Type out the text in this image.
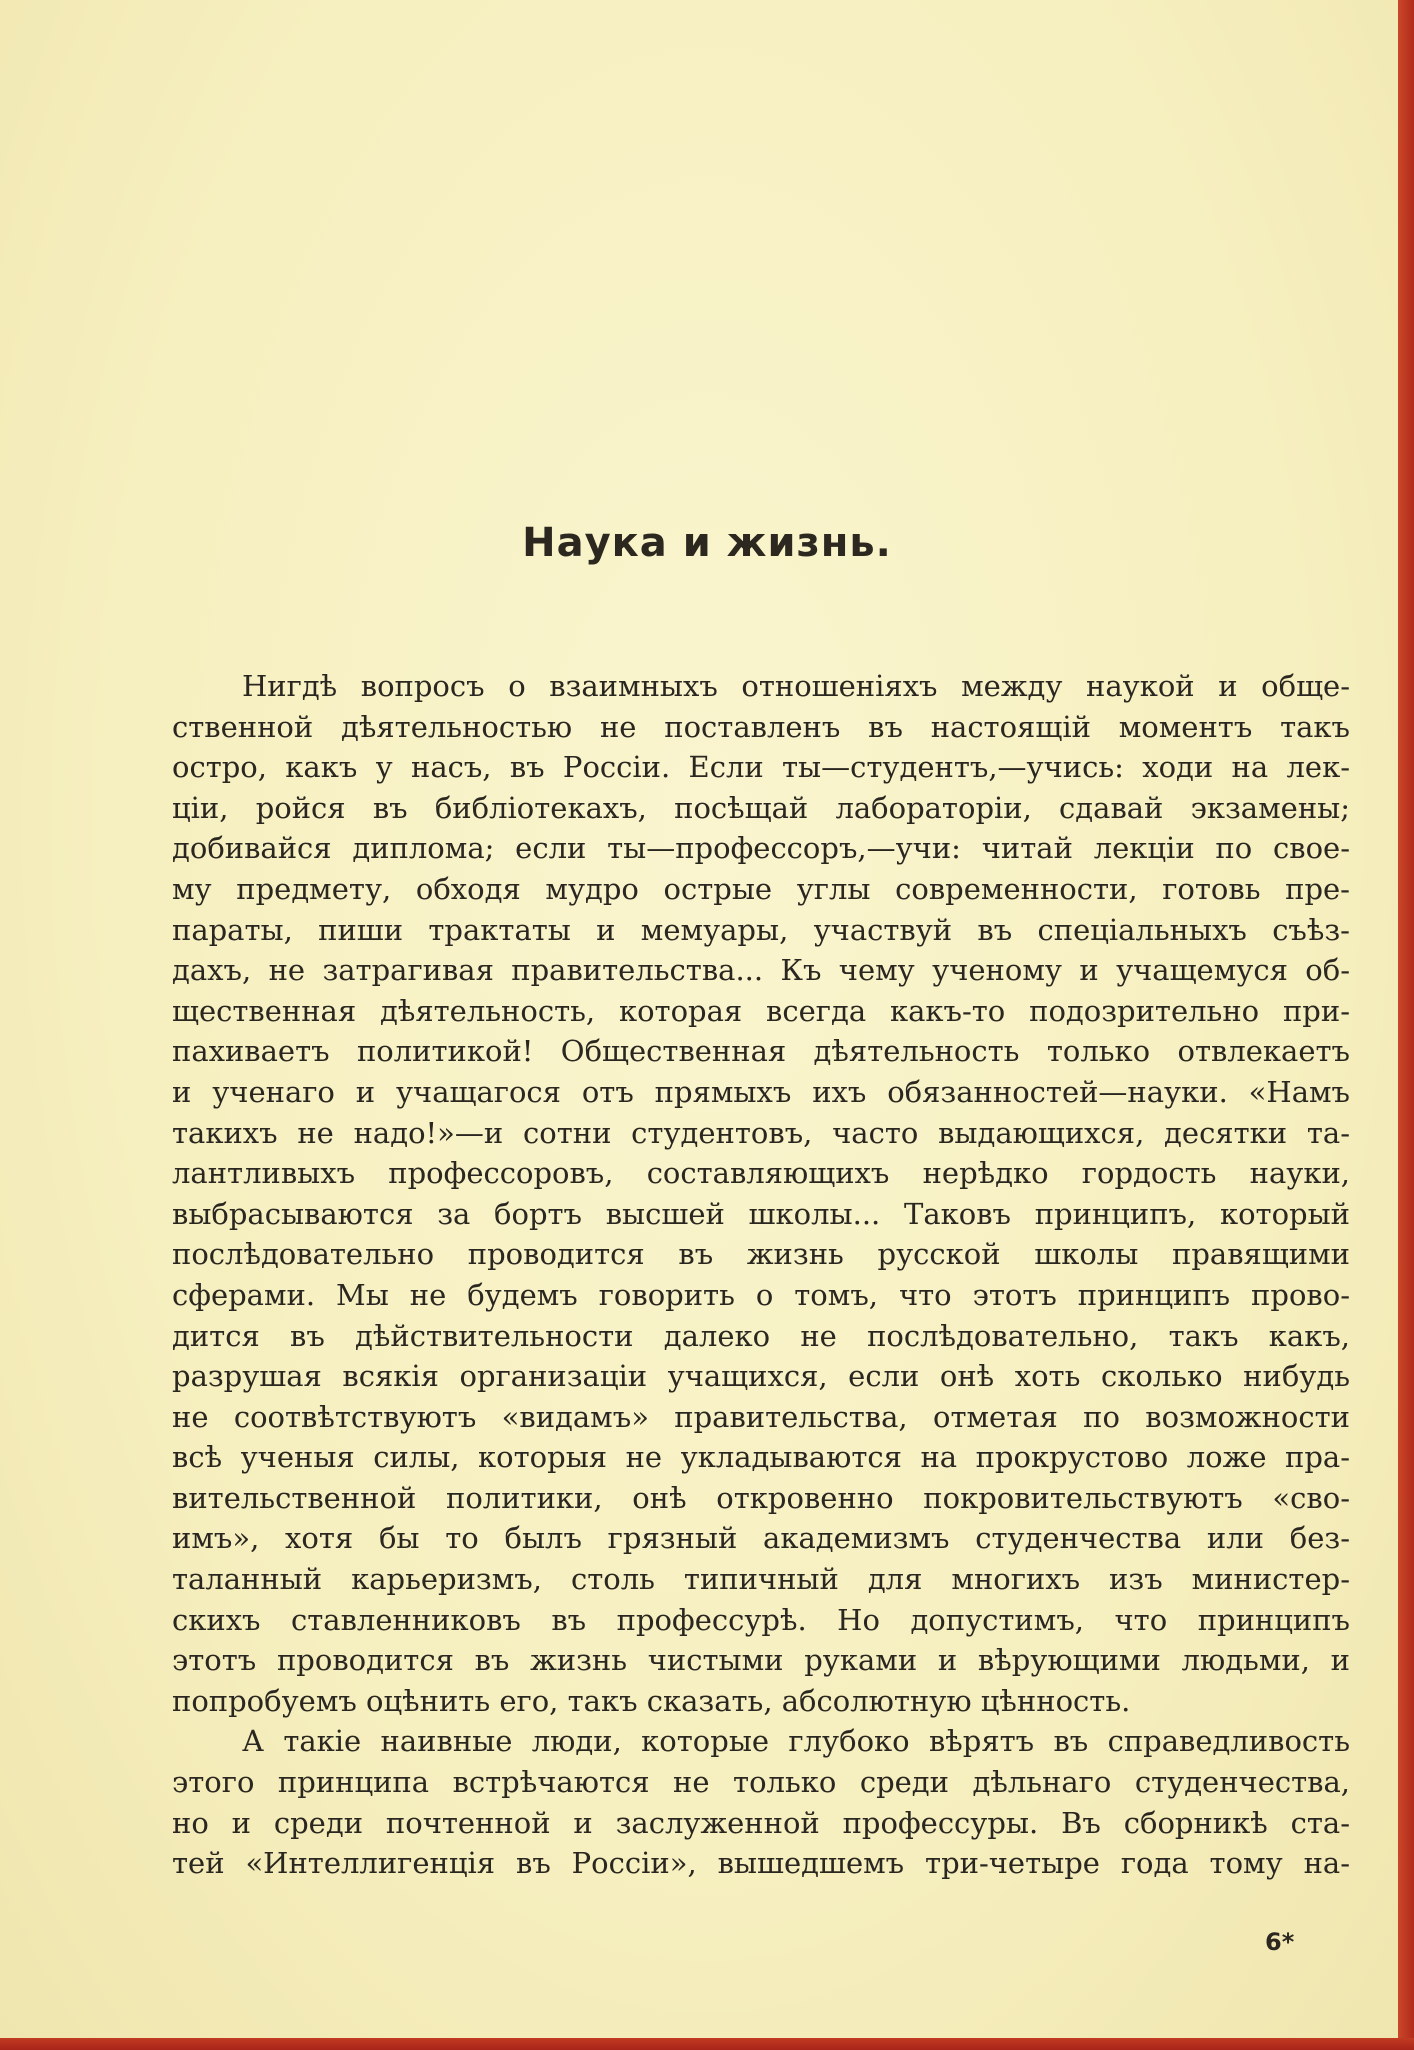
Наука и жизнь.
Нигдѣ вопросъ о взаимныхъ отношеніяхъ между наукой и обще-
ственной дѣятельностью не поставленъ въ настоящій моментъ такъ
остро, какъ у насъ, въ Россіи. Если ты—студентъ,—учись: ходи на лек-
ціи, ройся въ библіотекахъ, посѣщай лабораторіи, сдавай экзамены;
добивайся диплома; если ты—профессоръ,—учи: читай лекціи по свое-
му предмету, обходя мудро острые углы современности, готовь пре-
параты, пиши трактаты и мемуары, участвуй въ спеціальныхъ съѣз-
дахъ, не затрагивая правительства... Къ чему ученому и учащемуся об-
щественная дѣятельность, которая всегда какъ-то подозрительно при-
пахиваетъ политикой! Общественная дѣятельность только отвлекаетъ
и ученаго и учащагося отъ прямыхъ ихъ обязанностей—науки. «Намъ
такихъ не надо!»—и сотни студентовъ, часто выдающихся, десятки та-
лантливыхъ профессоровъ, составляющихъ нерѣдко гордость науки,
выбрасываются за бортъ высшей школы... Таковъ принципъ, который
послѣдовательно проводится въ жизнь русской школы правящими
сферами. Мы не будемъ говорить о томъ, что этотъ принципъ прово-
дится въ дѣйствительности далеко не послѣдовательно, такъ какъ,
разрушая всякія организаціи учащихся, если онѣ хоть сколько нибудь
не соотвѣтствуютъ «видамъ» правительства, отметая по возможности
всѣ ученыя силы, которыя не укладываются на прокрустово ложе пра-
вительственной политики, онѣ откровенно покровительствуютъ «сво-
имъ», хотя бы то былъ грязный академизмъ студенчества или без-
таланный карьеризмъ, столь типичный для многихъ изъ министер-
скихъ ставленниковъ въ профессурѣ. Но допустимъ, что принципъ
этотъ проводится въ жизнь чистыми руками и вѣрующими людьми, и
попробуемъ оцѣнить его, такъ сказать, абсолютную цѣнность.
А такіе наивные люди, которые глубоко вѣрятъ въ справедливость
этого принципа встрѣчаются не только среди дѣльнаго студенчества,
но и среди почтенной и заслуженной профессуры. Въ сборникѣ ста-
тей «Интеллигенція въ Россіи», вышедшемъ три-четыре года тому на-
6*
